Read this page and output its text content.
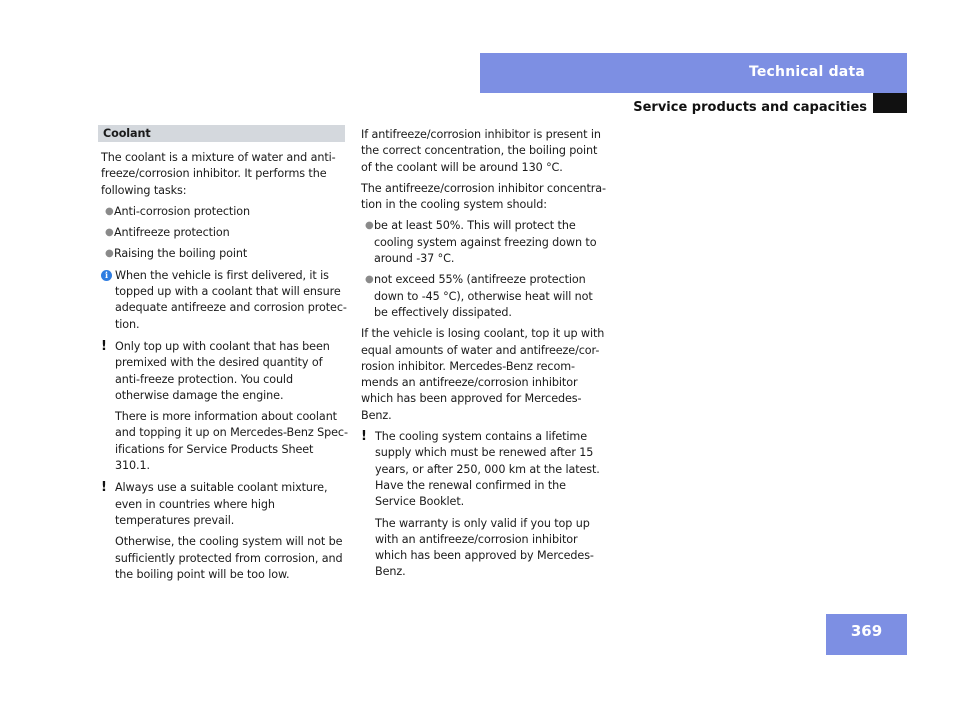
Technical data
Service products and capacities
Coolant

The coolant is a mixture of water and anti-freeze/corrosion inhibitor. It performs the following tasks:

● Anti-corrosion protection
● Antifreeze protection
● Raising the boiling point
i When the vehicle is first delivered, it is topped up with a coolant that will ensure adequate antifreeze and corrosion protec-tion.

! Only top up with coolant that has been premixed with the desired quantity of anti-freeze protection. You could otherwise damage the engine.

There is more information about coolant and topping it up on Mercedes-Benz Spec-ifications for Service Products Sheet 310.1.

! Always use a suitable coolant mixture, even in countries where high temperatures prevail.

Otherwise, the cooling system will not be sufficiently protected from corrosion, and the boiling point will be too low.

If antifreeze/corrosion inhibitor is present in the correct concentration, the boiling point of the coolant will be around 130 °C.

The antifreeze/corrosion inhibitor concentra-tion in the cooling system should:

● be at least 50%. This will protect the cooling system against freezing down to around -37 °C.
● not exceed 55% (antifreeze protection down to -45 °C), otherwise heat will not be effectively dissipated.

If the vehicle is losing coolant, top it up with equal amounts of water and antifreeze/cor-rosion inhibitor. Mercedes-Benz recom-mends an antifreeze/corrosion inhibitor which has been approved for Mercedes-Benz.

! The cooling system contains a lifetime supply which must be renewed after 15 years, or after 250, 000 km at the latest. Have the renewal confirmed in the Service Booklet.

The warranty is only valid if you top up with an antifreeze/corrosion inhibitor which has been approved by Mercedes-Benz.

369
